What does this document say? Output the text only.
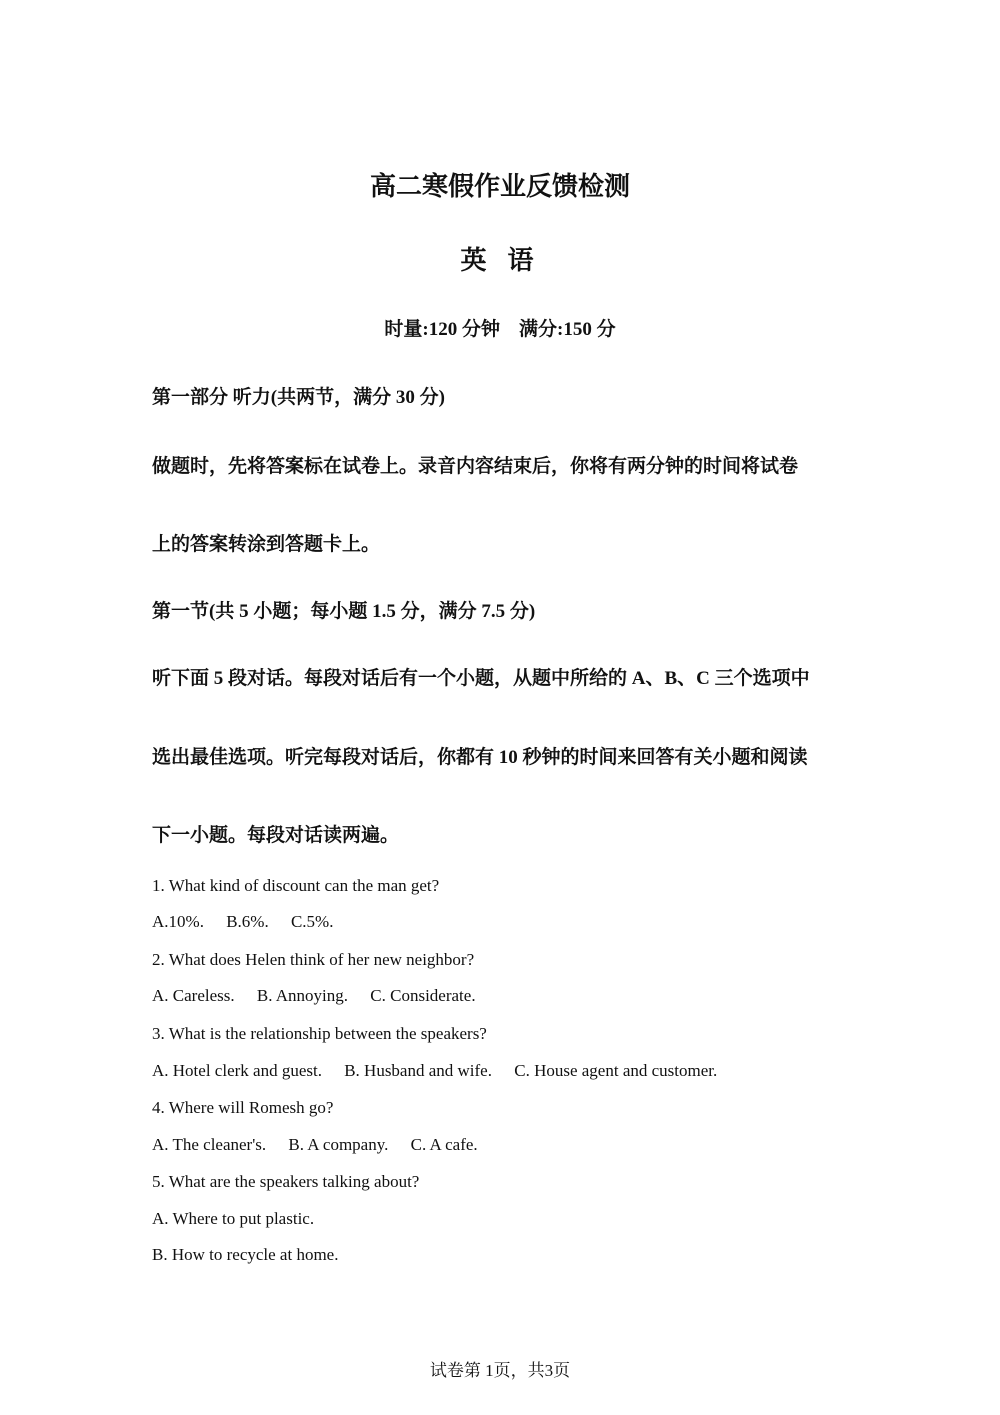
高二寒假作业反馈检测
英 语
时量:120 分钟　满分:150 分
第一部分 听力(共两节，满分 30 分)
做题时，先将答案标在试卷上。录音内容结束后，你将有两分钟的时间将试卷
上的答案转涂到答题卡上。
第一节(共 5 小题；每小题 1.5 分，满分 7.5 分)
听下面 5 段对话。每段对话后有一个小题，从题中所给的 A、B、C 三个选项中
选出最佳选项。听完每段对话后，你都有 10 秒钟的时间来回答有关小题和阅读
下一小题。每段对话读两遍。
1. What kind of discount can the man get?
A.10%. B.6%. C.5%.
2. What does Helen think of her new neighbor?
A. Careless. B. Annoying. C. Considerate.
3. What is the relationship between the speakers?
A. Hotel clerk and guest. B. Husband and wife. C. House agent and customer.
4. Where will Romesh go?
A. The cleaner's. B. A company. C. A cafe.
5. What are the speakers talking about?
A. Where to put plastic.
B. How to recycle at home.
试卷第 1页，共3页
